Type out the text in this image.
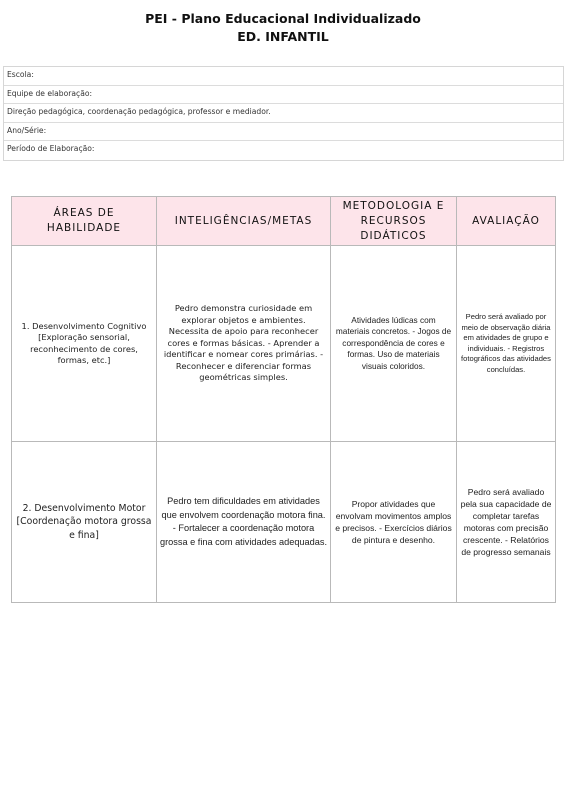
PEI - Plano Educacional Individualizado
ED. INFANTIL
Escola:
Equipe de elaboração:
Direção pedagógica, coordenação pedagógica, professor e mediador.
Ano/Série:
Período de Elaboração:
ÁREAS DE HABILIDADE	INTELIGÊNCIAS/METAS	METODOLOGIA E RECURSOS DIDÁTICOS	AVALIAÇÃO
1. Desenvolvimento Cognitivo [Exploração sensorial, reconhecimento de cores, formas, etc.]	Pedro demonstra curiosidade em explorar objetos e ambientes. Necessita de apoio para reconhecer cores e formas básicas. - Aprender a identificar e nomear cores primárias. - Reconhecer e diferenciar formas geométricas simples.	Atividades lúdicas com materiais concretos. - Jogos de correspondência de cores e formas. Uso de materiais visuais coloridos.	Pedro será avaliado por meio de observação diária em atividades de grupo e individuais. - Registros fotográficos das atividades concluídas.
2. Desenvolvimento Motor [Coordenação motora grossa e fina]	Pedro tem dificuldades em atividades que envolvem coordenação motora fina. - Fortalecer a coordenação motora grossa e fina com atividades adequadas.	Propor atividades que envolvam movimentos amplos e precisos. - Exercícios diários de pintura e desenho.	Pedro será avaliado pela sua capacidade de completar tarefas motoras com precisão crescente. - Relatórios de progresso semanais
